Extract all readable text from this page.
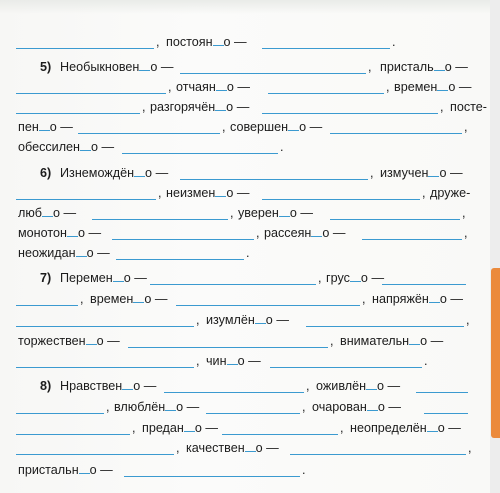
, постоян о —	.
5) Необыкновен о —	, присталь о —
, отчаян о —	, времен о —
, разгорячён о —	, посте-
пен о —	, совершен о —	,
обессилен о —	.
6) Изнемождён о —	, измучен о —
, неизмен о —	, друже-
люб о —	, уверен о —	,
монотон о —	, рассеян о —	,
неожидан о —	.
7) Перемен о —	, грус о —
, времен о —	, напряжён о —
, изумлён о —	,
торжествен о —	, внимательн о —
, чин о —	.
8) Нравствен о —	, оживлён о —
, влюблён о —	, очарован о —
, предан о —	, неопределён о —
, качествен о —	,
пристальн о —	.
